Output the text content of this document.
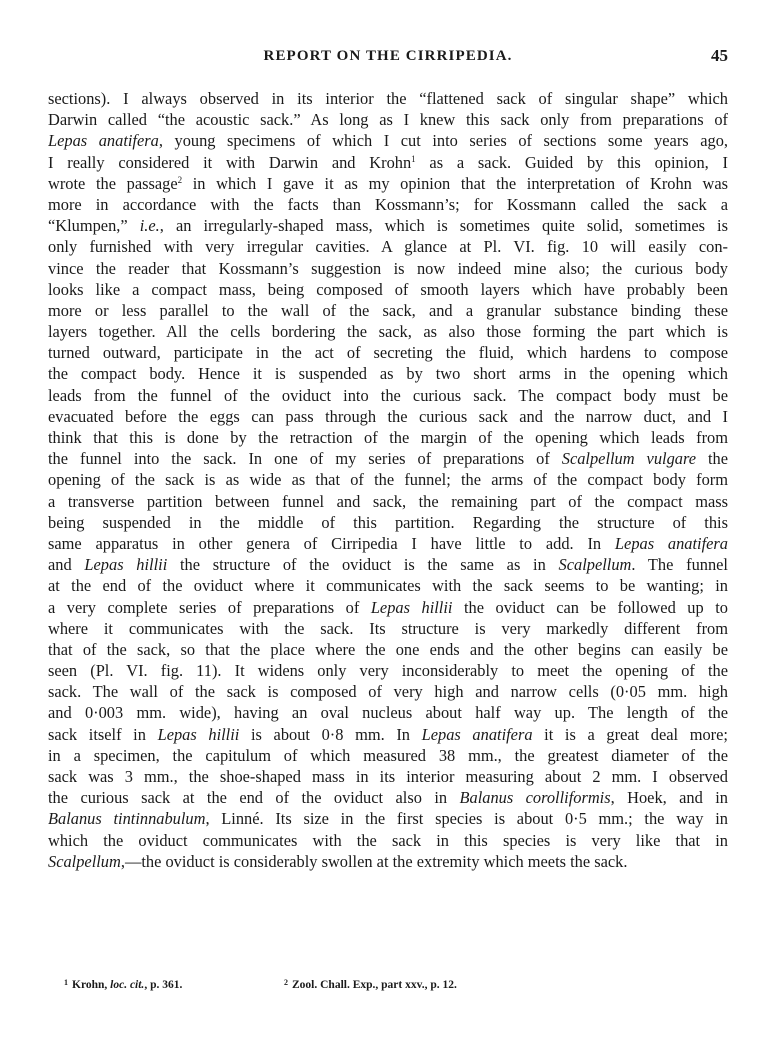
REPORT ON THE CIRRIPEDIA.	45
sections). I always observed in its interior the “flattened sack of singular shape” which
Darwin called “the acoustic sack.” As long as I knew this sack only from preparations of
Lepas anatifera, young specimens of which I cut into series of sections some years ago,
I really considered it with Darwin and Krohn$^1$ as a sack. Guided by this opinion, I
wrote the passage$^2$ in which I gave it as my opinion that the interpretation of Krohn was
more in accordance with the facts than Kossmann’s; for Kossmann called the sack a
“Klumpen,” i.e., an irregularly-shaped mass, which is sometimes quite solid, sometimes is
only furnished with very irregular cavities. A glance at Pl. VI. fig. 10 will easily con-
vince the reader that Kossmann’s suggestion is now indeed mine also; the curious body
looks like a compact mass, being composed of smooth layers which have probably been
more or less parallel to the wall of the sack, and a granular substance binding these
layers together. All the cells bordering the sack, as also those forming the part which is
turned outward, participate in the act of secreting the fluid, which hardens to compose
the compact body. Hence it is suspended as by two short arms in the opening which
leads from the funnel of the oviduct into the curious sack. The compact body must be
evacuated before the eggs can pass through the curious sack and the narrow duct, and I
think that this is done by the retraction of the margin of the opening which leads from
the funnel into the sack. In one of my series of preparations of Scalpellum vulgare the
opening of the sack is as wide as that of the funnel; the arms of the compact body form
a transverse partition between funnel and sack, the remaining part of the compact mass
being suspended in the middle of this partition. Regarding the structure of this
same apparatus in other genera of Cirripedia I have little to add. In Lepas anatifera
and Lepas hillii the structure of the oviduct is the same as in Scalpellum. The funnel
at the end of the oviduct where it communicates with the sack seems to be wanting; in
a very complete series of preparations of Lepas hillii the oviduct can be followed up to
where it communicates with the sack. Its structure is very markedly different from
that of the sack, so that the place where the one ends and the other begins can easily be
seen (Pl. VI. fig. 11). It widens only very inconsiderably to meet the opening of the
sack. The wall of the sack is composed of very high and narrow cells (0·05 mm. high
and 0·003 mm. wide), having an oval nucleus about half way up. The length of the
sack itself in Lepas hillii is about 0·8 mm. In Lepas anatifera it is a great deal more;
in a specimen, the capitulum of which measured 38 mm., the greatest diameter of the
sack was 3 mm., the shoe-shaped mass in its interior measuring about 2 mm. I observed
the curious sack at the end of the oviduct also in Balanus corolliformis, Hoek, and in
Balanus tintinnabulum, Linné. Its size in the first species is about 0·5 mm.; the way in
which the oviduct communicates with the sack in this species is very like that in
Scalpellum,—the oviduct is considerably swollen at the extremity which meets the sack.
$^1$ Krohn, loc. cit., p. 361.	$^2$ Zool. Chall. Exp., part xxv., p. 12.
